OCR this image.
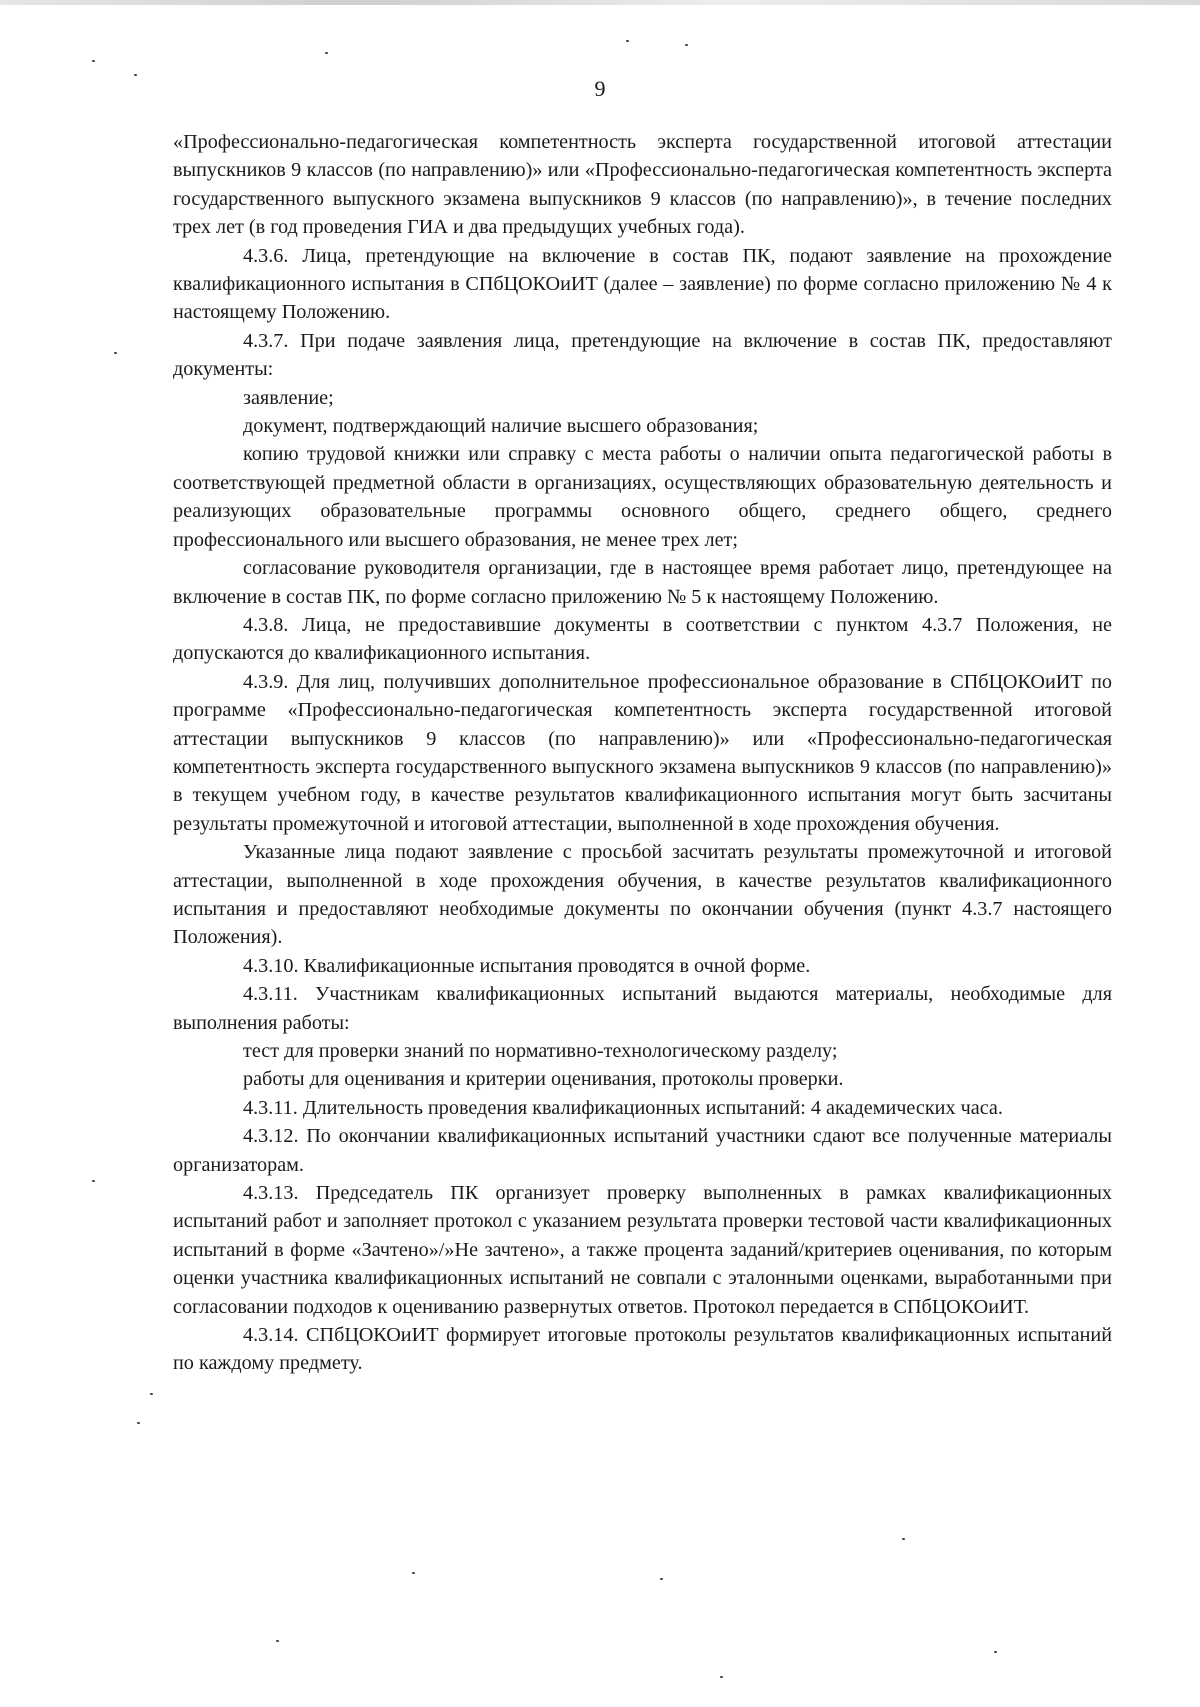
9

«Профессионально-педагогическая компетентность эксперта государственной итоговой аттестации выпускников 9 классов (по направлению)» или «Профессионально-педагогическая компетентность эксперта государственного выпускного экзамена выпускников 9 классов (по направлению)», в течение последних трех лет (в год проведения ГИА и два предыдущих учебных года).

4.3.6. Лица, претендующие на включение в состав ПК, подают заявление на прохождение квалификационного испытания в СПбЦОКОиИТ (далее – заявление) по форме согласно приложению № 4 к настоящему Положению.

4.3.7. При подаче заявления лица, претендующие на включение в состав ПК, предоставляют документы:

заявление;

документ, подтверждающий наличие высшего образования;

копию трудовой книжки или справку с места работы о наличии опыта педагогической работы в соответствующей предметной области в организациях, осуществляющих образовательную деятельность и реализующих образовательные программы основного общего, среднего общего, среднего профессионального или высшего образования, не менее трех лет;

согласование руководителя организации, где в настоящее время работает лицо, претендующее на включение в состав ПК, по форме согласно приложению № 5 к настоящему Положению.

4.3.8. Лица, не предоставившие документы в соответствии с пунктом 4.3.7 Положения, не допускаются до квалификационного испытания.

4.3.9. Для лиц, получивших дополнительное профессиональное образование в СПбЦОКОиИТ по программе «Профессионально-педагогическая компетентность эксперта государственной итоговой аттестации выпускников 9 классов (по направлению)» или «Профессионально-педагогическая компетентность эксперта государственного выпускного экзамена выпускников 9 классов (по направлению)» в текущем учебном году, в качестве результатов квалификационного испытания могут быть засчитаны результаты промежуточной и итоговой аттестации, выполненной в ходе прохождения обучения.

Указанные лица подают заявление с просьбой засчитать результаты промежуточной и итоговой аттестации, выполненной в ходе прохождения обучения, в качестве результатов квалификационного испытания и предоставляют необходимые документы по окончании обучения (пункт 4.3.7 настоящего Положения).

4.3.10. Квалификационные испытания проводятся в очной форме.

4.3.11. Участникам квалификационных испытаний выдаются материалы, необходимые для выполнения работы:

тест для проверки знаний по нормативно-технологическому разделу;

работы для оценивания и критерии оценивания, протоколы проверки.

4.3.11. Длительность проведения квалификационных испытаний: 4 академических часа.

4.3.12. По окончании квалификационных испытаний участники сдают все полученные материалы организаторам.

4.3.13. Председатель ПК организует проверку выполненных в рамках квалификационных испытаний работ и заполняет протокол с указанием результата проверки тестовой части квалификационных испытаний в форме «Зачтено»/»Не зачтено», а также процента заданий/критериев оценивания, по которым оценки участника квалификационных испытаний не совпали с эталонными оценками, выработанными при согласовании подходов к оцениванию развернутых ответов. Протокол передается в СПбЦОКОиИТ.

4.3.14. СПбЦОКОиИТ формирует итоговые протоколы результатов квалификационных испытаний по каждому предмету.
